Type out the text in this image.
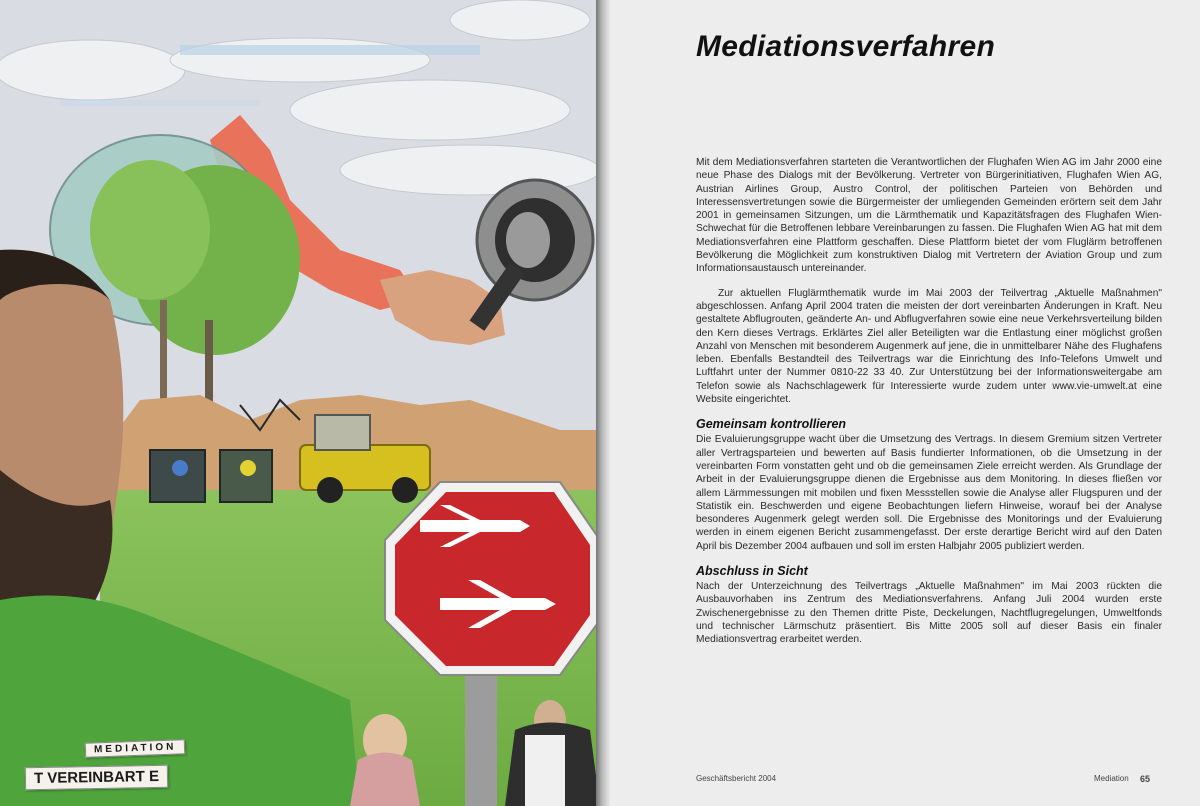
MEDIATION
T VEREINBART E
Mediationsverfahren

Mit dem Mediationsverfahren starteten die Verantwortlichen der Flughafen Wien AG im Jahr 2000 eine neue Phase des Dialogs mit der Bevölkerung. Vertreter von Bürgerinitiativen, Flughafen Wien AG, Austrian Airlines Group, Austro Control, der politischen Parteien von Behörden und Interessensvertretungen sowie die Bürgermeister der umliegenden Gemeinden erörtern seit dem Jahr 2001 in gemeinsamen Sitzungen, um die Lärmthematik und Kapazitätsfragen des Flughafen Wien-Schwechat für die Betroffenen lebbare Vereinbarungen zu fassen. Die Flughafen Wien AG hat mit dem Mediationsverfahren eine Plattform geschaffen. Diese Plattform bietet der vom Fluglärm betroffenen Bevölkerung die Möglichkeit zum konstruktiven Dialog mit Vertretern der Aviation Group und zum Informationsaustausch untereinander.

Zur aktuellen Fluglärmthematik wurde im Mai 2003 der Teilvertrag „Aktuelle Maßnahmen" abgeschlossen. Anfang April 2004 traten die meisten der dort vereinbarten Änderungen in Kraft. Neu gestaltete Abflugrouten, geänderte An- und Abflugverfahren sowie eine neue Verkehrsverteilung bilden den Kern dieses Vertrags. Erklärtes Ziel aller Beteiligten war die Entlastung einer möglichst großen Anzahl von Menschen mit besonderem Augenmerk auf jene, die in unmittelbarer Nähe des Flughafens leben. Ebenfalls Bestandteil des Teilvertrags war die Einrichtung des Info-Telefons Umwelt und Luftfahrt unter der Nummer 0810-22 33 40. Zur Unterstützung bei der Informationsweitergabe am Telefon sowie als Nachschlagewerk für Interessierte wurde zudem unter www.vie-umwelt.at eine Website eingerichtet.

Gemeinsam kontrollieren

Die Evaluierungsgruppe wacht über die Umsetzung des Vertrags. In diesem Gremium sitzen Vertreter aller Vertragsparteien und bewerten auf Basis fundierter Informationen, ob die Umsetzung in der vereinbarten Form vonstatten geht und ob die gemeinsamen Ziele erreicht werden. Als Grundlage der Arbeit in der Evaluierungsgruppe dienen die Ergebnisse aus dem Monitoring. In dieses fließen vor allem Lärmmessungen mit mobilen und fixen Messstellen sowie die Analyse aller Flugspuren und der Statistik ein. Beschwerden und eigene Beobachtungen liefern Hinweise, worauf bei der Analyse besonderes Augenmerk gelegt werden soll. Die Ergebnisse des Monitorings und der Evaluierung werden in einem eigenen Bericht zusammengefasst. Der erste derartige Bericht wird auf den Daten April bis Dezember 2004 aufbauen und soll im ersten Halbjahr 2005 publiziert werden.

Abschluss in Sicht

Nach der Unterzeichnung des Teilvertrags „Aktuelle Maßnahmen" im Mai 2003 rückten die Ausbauvorhaben ins Zentrum des Mediationsverfahrens. Anfang Juli 2004 wurden erste Zwischenergebnisse zu den Themen dritte Piste, Deckelungen, Nachtflugregelungen, Umweltfonds und technischer Lärmschutz präsentiert. Bis Mitte 2005 soll auf dieser Basis ein finaler Mediationsvertrag erarbeitet werden.

Geschäftsbericht 2004	Mediation 65
